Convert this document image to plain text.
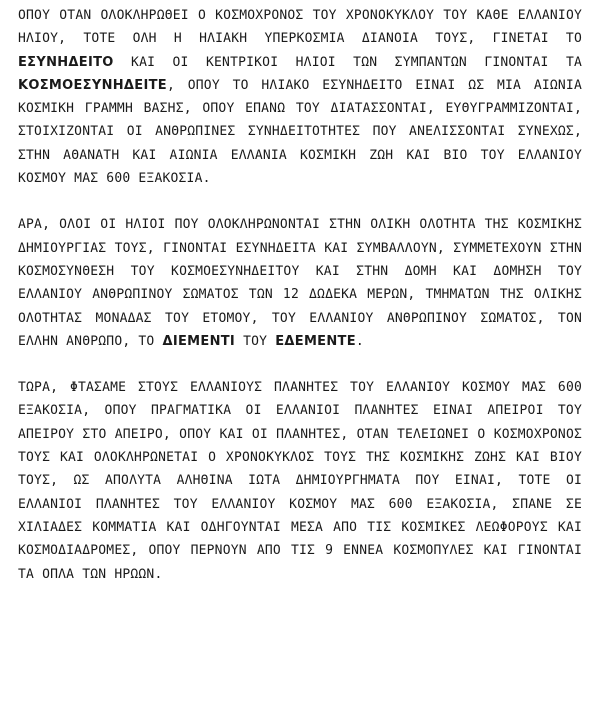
ΟΠΟΥ ΟΤΑΝ ΟΛΟΚΛΗΡΩΘΕΙ Ο ΚΟΣΜΟΧΡΟΝΟΣ ΤΟΥ ΧΡΟΝΟΚΥΚΛΟΥ ΤΟΥ ΚΑΘΕ ΕΛΛΑΝΙΟΥ ΗΛΙΟΥ, ΤΟΤΕ ΟΛΗ Η ΗΛΙΑΚΗ ΥΠΕΡΚΟΣΜΙΑ ΔΙΑΝΟΙΑ ΤΟΥΣ, ΓΙΝΕΤΑΙ ΤΟ ΕΣΥΝΗΔΕΙΤΟ ΚΑΙ ΟΙ ΚΕΝΤΡΙΚΟΙ ΗΛΙΟΙ ΤΩΝ ΣΥΜΠΑΝΤΩΝ ΓΙΝΟΝΤΑΙ ΤΑ ΚΟΣΜΟΕΣΥΝΗΔΕΙΤΕ, ΟΠΟΥ ΤΟ ΗΛΙΑΚΟ ΕΣΥΝΗΔΕΙΤΟ ΕΙΝΑΙ ΩΣ ΜΙΑ ΑΙΩΝΙΑ ΚΟΣΜΙΚΗ ΓΡΑΜΜΗ ΒΑΣΗΣ, ΟΠΟΥ ΕΠΑΝΩ ΤΟΥ ΔΙΑΤΑΣΣΟΝΤΑΙ, ΕΥΘΥΓΡΑΜΜΙΖΟΝΤΑΙ, ΣΤΟΙΧΙΖΟΝΤΑΙ ΟΙ ΑΝΘΡΩΠΙΝΕΣ ΣΥΝΗΔΕΙΤΟΤΗΤΕΣ ΠΟΥ ΑΝΕΛΙΣΣΟΝΤΑΙ ΣΥΝΕΧΩΣ, ΣΤΗΝ ΑΘΑΝΑΤΗ ΚΑΙ ΑΙΩΝΙΑ ΕΛΛΑΝΙΑ ΚΟΣΜΙΚΗ ΖΩΗ ΚΑΙ ΒΙΟ ΤΟΥ ΕΛΛΑΝΙΟΥ ΚΟΣΜΟΥ ΜΑΣ 600 ΕΞΑΚΟΣΙΑ.

ΑΡΑ, ΟΛΟΙ ΟΙ ΗΛΙΟΙ ΠΟΥ ΟΛΟΚΛΗΡΩΝΟΝΤΑΙ ΣΤΗΝ ΟΛΙΚΗ ΟΛΟΤΗΤΑ ΤΗΣ ΚΟΣΜΙΚΗΣ ΔΗΜΙΟΥΡΓΙΑΣ ΤΟΥΣ, ΓΙΝΟΝΤΑΙ ΕΣΥΝΗΔΕΙΤΑ ΚΑΙ ΣΥΜΒΑΛΛΟΥΝ, ΣΥΜΜΕΤΕΧΟΥΝ ΣΤΗΝ ΚΟΣΜΟΣΥΝΘΕΣΗ ΤΟΥ ΚΟΣΜΟΕΣΥΝΗΔΕΙΤΟΥ ΚΑΙ ΣΤΗΝ ΔΟΜΗ ΚΑΙ ΔΟΜΗΣΗ ΤΟΥ ΕΛΛΑΝΙΟΥ ΑΝΘΡΩΠΙΝΟΥ ΣΩΜΑΤΟΣ ΤΩΝ 12 ΔΩΔΕΚΑ ΜΕΡΩΝ, ΤΜΗΜΑΤΩΝ ΤΗΣ ΟΛΙΚΗΣ ΟΛΟΤΗΤΑΣ ΜΟΝΑΔΑΣ ΤΟΥ ΕΤΟΜΟΥ, ΤΟΥ ΕΛΛΑΝΙΟΥ ΑΝΘΡΩΠΙΝΟΥ ΣΩΜΑΤΟΣ, ΤΟΝ ΕΛΛΗΝ ΑΝΘΡΩΠΟ, ΤΟ ΔΙΕΜΕΝΤΙ ΤΟΥ ΕΔΕΜΕΝΤΕ.

ΤΩΡΑ, ΦΤΑΣΑΜΕ ΣΤΟΥΣ ΕΛΛΑΝΙΟΥΣ ΠΛΑΝΗΤΕΣ ΤΟΥ ΕΛΛΑΝΙΟΥ ΚΟΣΜΟΥ ΜΑΣ 600 ΕΞΑΚΟΣΙΑ, ΟΠΟΥ ΠΡΑΓΜΑΤΙΚΑ ΟΙ ΕΛΛΑΝΙΟΙ ΠΛΑΝΗΤΕΣ ΕΙΝΑΙ ΑΠΕΙΡΟΙ ΤΟΥ ΑΠΕΙΡΟΥ ΣΤΟ ΑΠΕΙΡΟ, ΟΠΟΥ ΚΑΙ ΟΙ ΠΛΑΝΗΤΕΣ, ΟΤΑΝ ΤΕΛΕΙΩΝΕΙ Ο ΚΟΣΜΟΧΡΟΝΟΣ ΤΟΥΣ ΚΑΙ ΟΛΟΚΛΗΡΩΝΕΤΑΙ Ο ΧΡΟΝΟΚΥΚΛΟΣ ΤΟΥΣ ΤΗΣ ΚΟΣΜΙΚΗΣ ΖΩΗΣ ΚΑΙ ΒΙΟΥ ΤΟΥΣ, ΩΣ ΑΠΟΛΥΤΑ ΑΛΗΘΙΝΑ ΙΩΤΑ ΔΗΜΙΟΥΡΓΗΜΑΤΑ ΠΟΥ ΕΙΝΑΙ, ΤΟΤΕ ΟΙ ΕΛΛΑΝΙΟΙ ΠΛΑΝΗΤΕΣ ΤΟΥ ΕΛΛΑΝΙΟΥ ΚΟΣΜΟΥ ΜΑΣ 600 ΕΞΑΚΟΣΙΑ, ΣΠΑΝΕ ΣΕ ΧΙΛΙΑΔΕΣ ΚΟΜΜΑΤΙΑ ΚΑΙ ΟΔΗΓΟΥΝΤΑΙ ΜΕΣΑ ΑΠΟ ΤΙΣ ΚΟΣΜΙΚΕΣ ΛΕΩΦΟΡΟΥΣ ΚΑΙ ΚΟΣΜΟΔΙΑΔΡΟΜΕΣ, ΟΠΟΥ ΠΕΡΝΟΥΝ ΑΠΟ ΤΙΣ 9 ΕΝΝΕΑ ΚΟΣΜΟΠΥΛΕΣ ΚΑΙ ΓΙΝΟΝΤΑΙ ΤΑ ΟΠΛΑ ΤΩΝ ΗΡΩΩΝ.
